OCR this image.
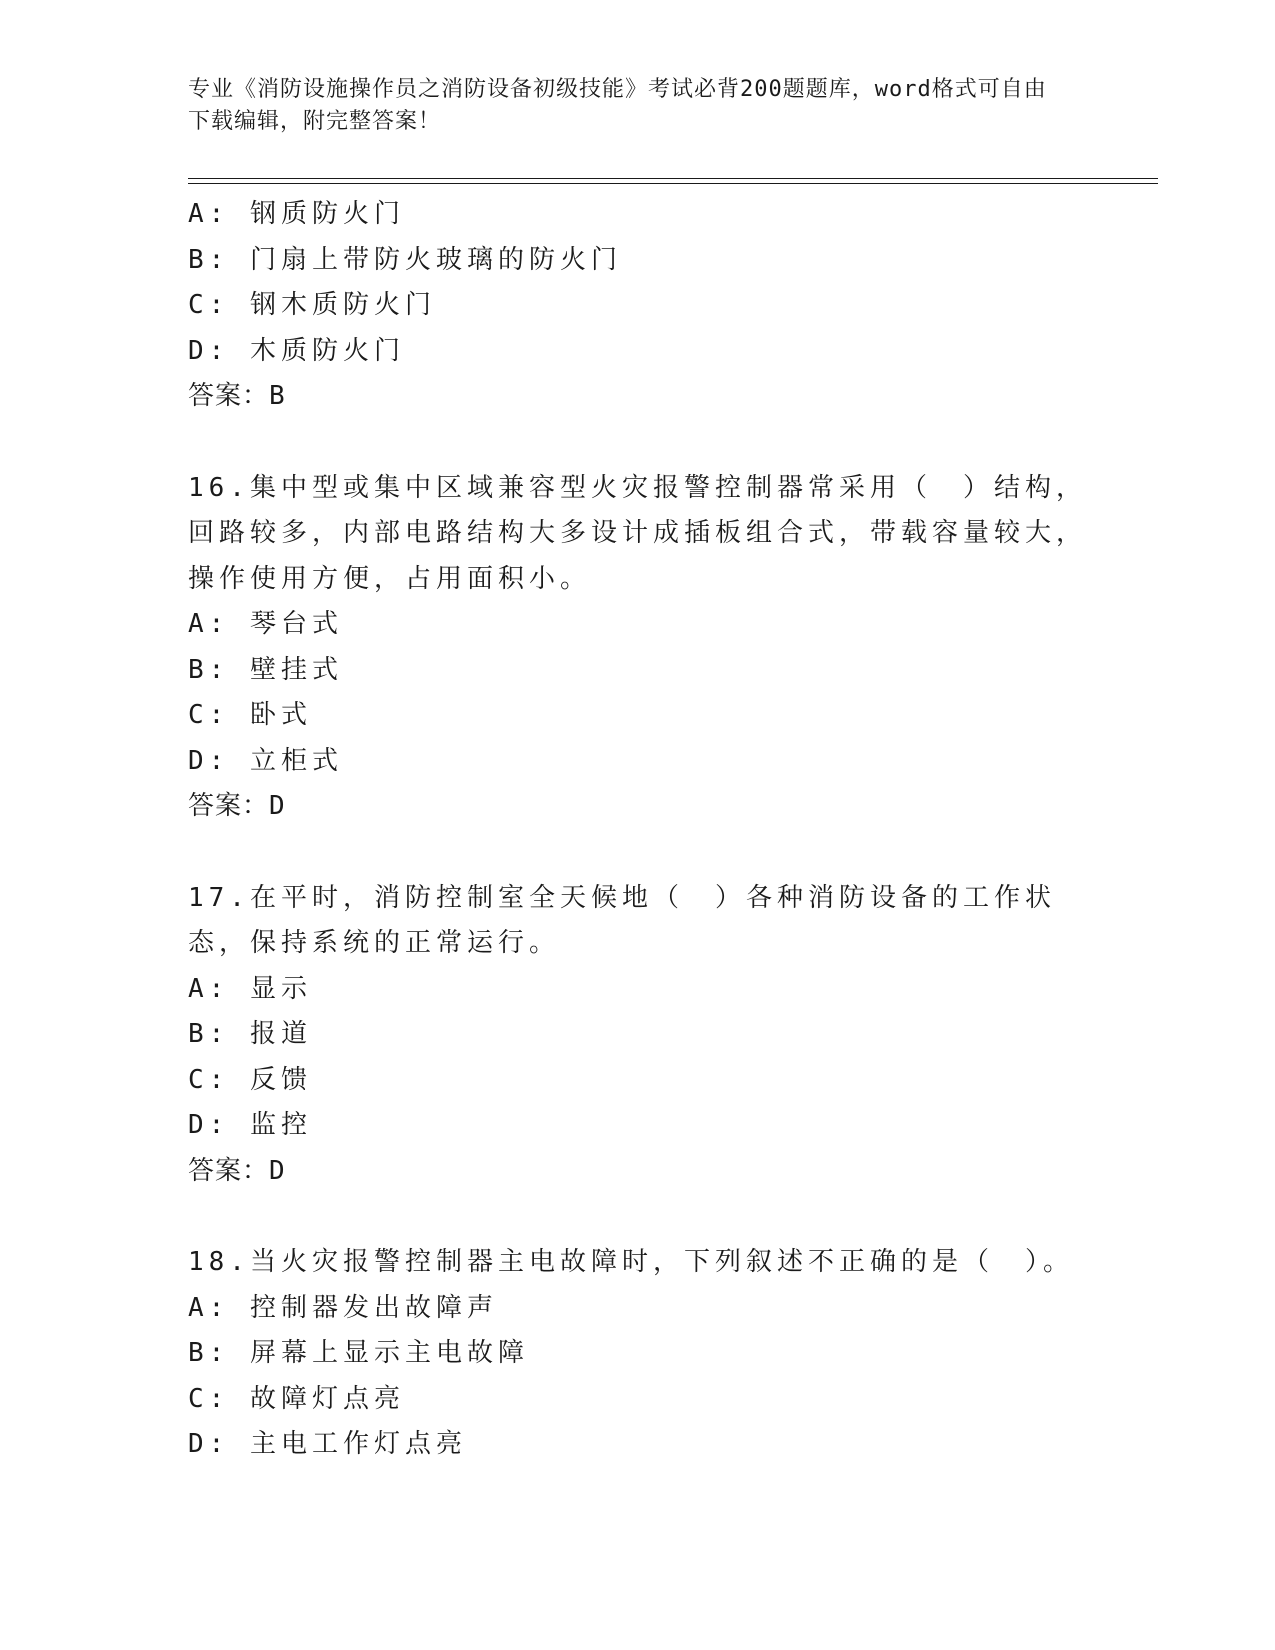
专业《消防设施操作员之消防设备初级技能》考试必背200题题库，word格式可自由下载编辑，附完整答案！
A: 钢质防火门
B: 门扇上带防火玻璃的防火门
C: 钢木质防火门
D: 木质防火门
答案：B
16.集中型或集中区域兼容型火灾报警控制器常采用（　）结构，回路较多，内部电路结构大多设计成插板组合式，带载容量较大，操作使用方便，占用面积小。
A: 琴台式
B: 壁挂式
C: 卧式
D: 立柜式
答案：D
17.在平时，消防控制室全天候地（　）各种消防设备的工作状态，保持系统的正常运行。
A: 显示
B: 报道
C: 反馈
D: 监控
答案：D
18.当火灾报警控制器主电故障时，下列叙述不正确的是（　）。
A: 控制器发出故障声
B: 屏幕上显示主电故障
C: 故障灯点亮
D: 主电工作灯点亮
